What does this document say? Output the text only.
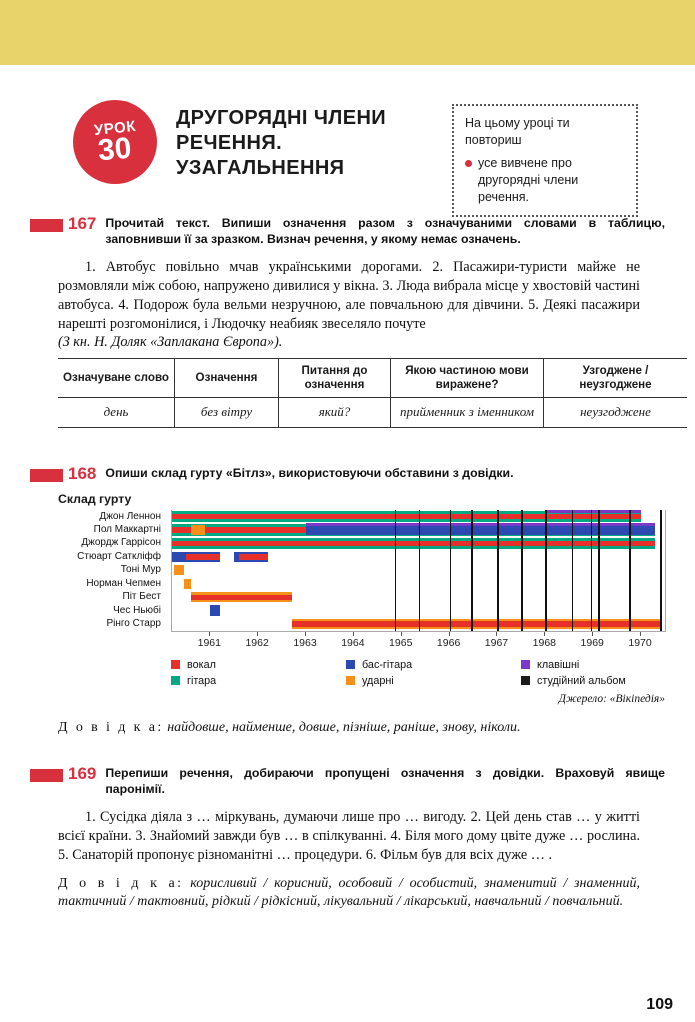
УРОК
30
ДРУГОРЯДНІ ЧЛЕНИ РЕЧЕННЯ. УЗАГАЛЬНЕННЯ
На цьому уроці ти повториш
усе вивчене про другорядні члени речення.
167 Прочитай текст. Випиши означення разом з означуваними словами в таблицю, заповнивши її за зразком. Визнач речення, у якому немає означень.
1. Автобус повільно мчав українськими дорогами. 2. Пасажири-туристи майже не розмовляли між собою, напружено дивилися у вікна. 3. Люда вибрала місце у хвостовій частині автобуса. 4. Подорож була вельми незручною, але повчальною для дівчини. 5. Деякі пасажири нарешті розгомонілися, і Людочку неабияк звеселяло почуте
(З кн. Н. Доляк «Заплакана Європа»).
Означуване слово	Означення	Питання до означення	Якою частиною мови виражене?	Узгоджене / неузгоджене
день	без вітру	який?	прийменник з іменником	неузгоджене
168 Опиши склад гурту «Бітлз», використовуючи обставини з довідки.
Склад гурту
Джон Леннон
Пол Маккартні
Джордж Гаррісон
Стюарт Саткліфф
Тоні Мур
Норман Чепмен
Піт Бест
Чес Ньюбі
Рінго Старр
1961 1962 1963 1964 1965 1966 1967 1968 1969 1970
вокал
гітара
бас-гітара
ударні
клавішні
студійний альбом
Джерело: «Вікіпедія»
Д о в і д к а: найдовше, найменше, довше, пізніше, раніше, знову, ніколи.
169 Перепиши речення, добираючи пропущені означення з довідки. Враховуй явище паронімії.
1. Сусідка діяла з … міркувань, думаючи лише про … вигоду. 2. Цей день став … у житті всієї країни. 3. Знайомий завжди був … в спілкуванні. 4. Біля мого дому цвіте дуже … рослина. 5. Санаторій пропонує різноманітні … процедури. 6. Фільм був для всіх дуже … .
Д о в і д к а: корисливий / корисний, особовий / особистий, знаменитий / знаменний, тактичний / тактовний, рідкий / рідкісний, лікувальний / лікарський, навчальний / повчальний.
109
